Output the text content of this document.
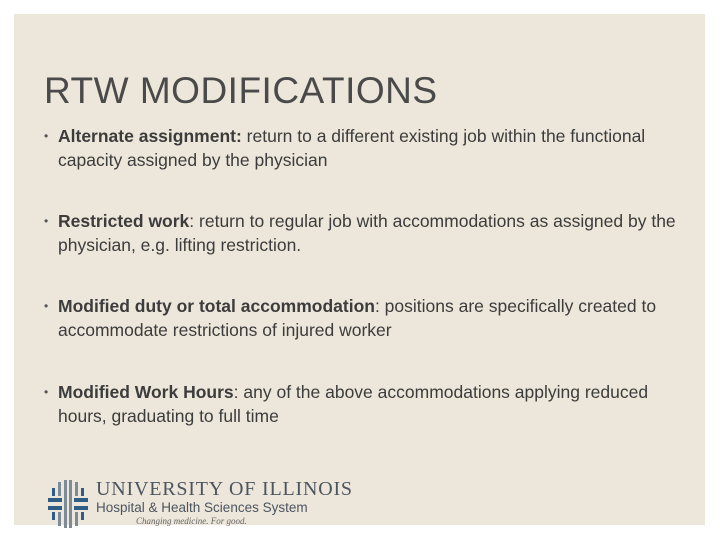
RTW MODIFICATIONS
• Alternate assignment: return to a different existing job within the functional capacity assigned by the physician
• Restricted work: return to regular job with accommodations as assigned by the physician, e.g. lifting restriction.
• Modified duty or total accommodation: positions are specifically created to accommodate restrictions of injured worker
• Modified Work Hours: any of the above accommodations applying reduced hours, graduating to full time
UNIVERSITY OF ILLINOIS
Hospital & Health Sciences System
Changing medicine. For good.
